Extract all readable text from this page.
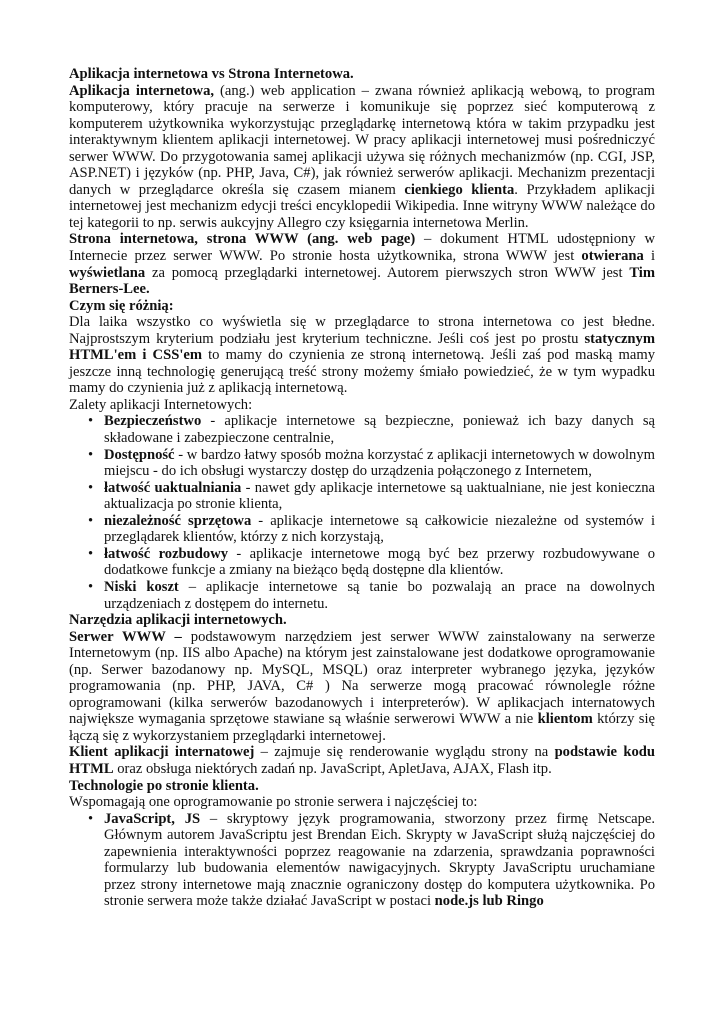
Aplikacja internetowa vs Strona Internetowa.

Aplikacja internetowa, (ang.) web application – zwana również aplikacją webową, to program komputerowy, który pracuje na serwerze i komunikuje się poprzez sieć komputerową z komputerem użytkownika wykorzystując przeglądarkę internetową która w takim przypadku jest interaktywnym klientem aplikacji internetowej. W pracy aplikacji internetowej musi pośredniczyć serwer WWW. Do przygotowania samej aplikacji używa się różnych mechanizmów (np. CGI, JSP, ASP.NET) i języków (np. PHP, Java, C#), jak również serwerów aplikacji. Mechanizm prezentacji danych w przeglądarce określa się czasem mianem cienkiego klienta. Przykładem aplikacji internetowej jest mechanizm edycji treści encyklopedii Wikipedia. Inne witryny WWW należące do tej kategorii to np. serwis aukcyjny Allegro czy księgarnia internetowa Merlin.

Strona internetowa, strona WWW (ang. web page) – dokument HTML udostępniony w Internecie przez serwer WWW. Po stronie hosta użytkownika, strona WWW jest otwierana i wyświetlana za pomocą przeglądarki internetowej. Autorem pierwszych stron WWW jest Tim Berners-Lee.

Czym się różnią:

Dla laika wszystko co wyświetla się w przeglądarce to strona internetowa co jest błedne. Najprostszym kryterium podziału jest kryterium techniczne. Jeśli coś jest po prostu statycznym HTML'em i CSS'em to mamy do czynienia ze stroną internetową. Jeśli zaś pod maską mamy jeszcze inną technologię generującą treść strony możemy śmiało powiedzieć, że w tym wypadku mamy do czynienia już z aplikacją internetową.

Zalety aplikacji Internetowych:

• Bezpieczeństwo - aplikacje internetowe są bezpieczne, ponieważ ich bazy danych są składowane i zabezpieczone centralnie,
• Dostępność - w bardzo łatwy sposób można korzystać z aplikacji internetowych w dowolnym miejscu - do ich obsługi wystarczy dostęp do urządzenia połączonego z Internetem,
• łatwość uaktualniania - nawet gdy aplikacje internetowe są uaktualniane, nie jest konieczna aktualizacja po stronie klienta,
• niezależność sprzętowa - aplikacje internetowe są całkowicie niezależne od systemów i przeglądarek klientów, którzy z nich korzystają,
• łatwość rozbudowy - aplikacje internetowe mogą być bez przerwy rozbudowywane o dodatkowe funkcje a zmiany na bieżąco będą dostępne dla klientów.
• Niski koszt – aplikacje internetowe są tanie bo pozwalają an prace na dowolnych urządzeniach z dostępem do internetu.

Narzędzia aplikacji internetowych.

Serwer WWW – podstawowym narzędziem jest serwer WWW zainstalowany na serwerze Internetowym (np. IIS albo Apache) na którym jest zainstalowane jest dodatkowe oprogramowanie (np. Serwer bazodanowy np. MySQL, MSQL) oraz interpreter wybranego języka, języków programowania (np. PHP, JAVA, C# ) Na serwerze mogą pracować równolegle różne oprogramowani (kilka serwerów bazodanowych i interpreterów). W aplikacjach internatowych największe wymagania sprzętowe stawiane są właśnie serwerowi WWW a nie klientom którzy się łączą się z wykorzystaniem przeglądarki internetowej.

Klient aplikacji internatowej – zajmuje się renderowanie wyglądu strony na podstawie kodu HTML oraz obsługa niektórych zadań np. JavaScript, ApletJava, AJAX, Flash itp.

Technologie po stronie klienta.

Wspomagają one oprogramowanie po stronie serwera i najczęściej to:

• JavaScript, JS – skryptowy język programowania, stworzony przez firmę Netscape. Głównym autorem JavaScriptu jest Brendan Eich. Skrypty w JavaScript służą najczęściej do zapewnienia interaktywności poprzez reagowanie na zdarzenia, sprawdzania poprawności formularzy lub budowania elementów nawigacyjnych. Skrypty JavaScriptu uruchamiane przez strony internetowe mają znacznie ograniczony dostęp do komputera użytkownika. Po stronie serwera może także działać JavaScript w postaci node.js lub Ringo
